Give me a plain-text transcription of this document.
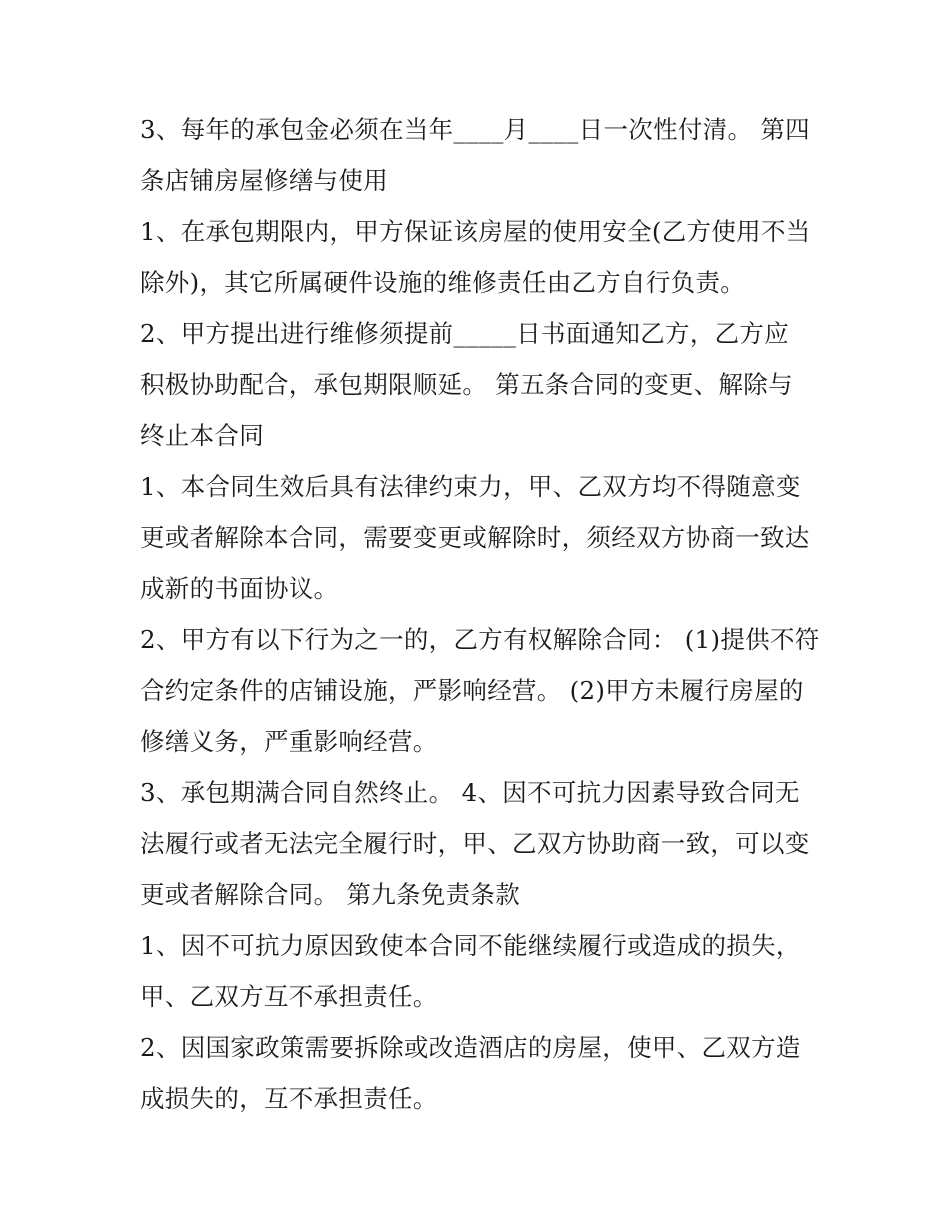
3、每年的承包金必须在当年____月____日一次性付清。 第四
条店铺房屋修缮与使用
1、在承包期限内，甲方保证该房屋的使用安全(乙方使用不当
除外)，其它所属硬件设施的维修责任由乙方自行负责。
2、甲方提出进行维修须提前_____日书面通知乙方，乙方应
积极协助配合，承包期限顺延。 第五条合同的变更、解除与
终止本合同
1、本合同生效后具有法律约束力，甲、乙双方均不得随意变
更或者解除本合同，需要变更或解除时，须经双方协商一致达
成新的书面协议。
2、甲方有以下行为之一的，乙方有权解除合同： (1)提供不符
合约定条件的店铺设施，严影响经营。 (2)甲方未履行房屋的
修缮义务，严重影响经营。
3、承包期满合同自然终止。 4、因不可抗力因素导致合同无
法履行或者无法完全履行时，甲、乙双方协助商一致，可以变
更或者解除合同。 第九条免责条款
1、因不可抗力原因致使本合同不能继续履行或造成的损失，
甲、乙双方互不承担责任。
2、因国家政策需要拆除或改造酒店的房屋，使甲、乙双方造
成损失的，互不承担责任。
